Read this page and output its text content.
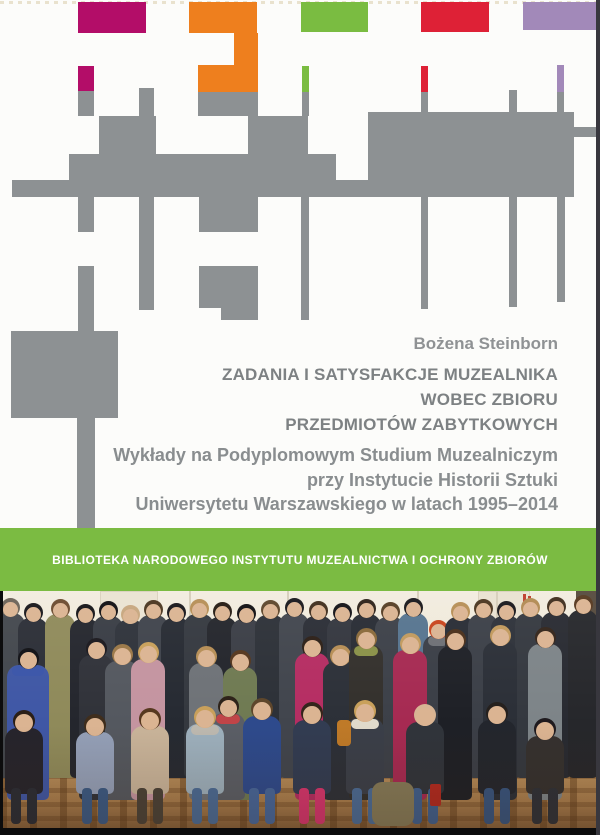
Bożena Steinborn
ZADANIA I SATYSFAKCJE MUZEALNIKA
WOBEC ZBIORU
PRZEDMIOTÓW ZABYTKOWYCH
Wykłady na Podyplomowym Studium Muzealniczym
przy Instytucie Historii Sztuki
Uniwersytetu Warszawskiego w latach 1995–2014
BIBLIOTEKA NARODOWEGO INSTYTUTU MUZEALNICTWA I OCHRONY ZBIORÓW
